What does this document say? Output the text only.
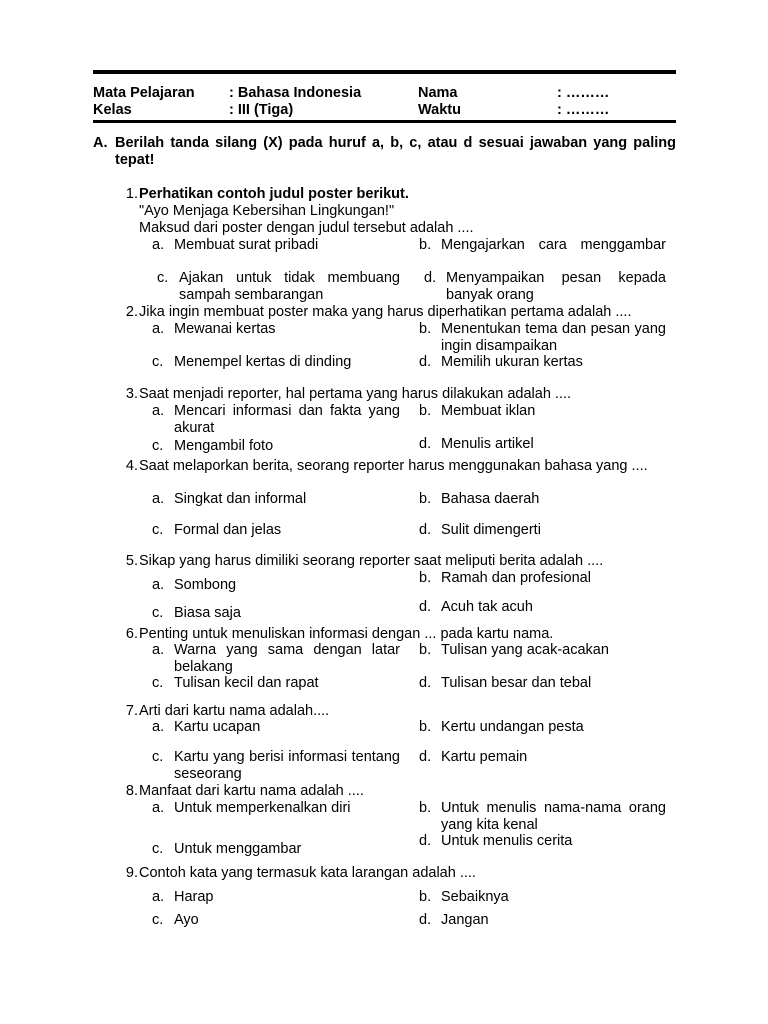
Mata Pelajaran	: Bahasa Indonesia	Nama	: ………
Kelas	: III (Tiga)	Waktu	: ………
A. Berilah tanda silang (X) pada huruf a, b, c, atau d sesuai jawaban yang paling tepat!
1. Perhatikan contoh judul poster berikut.
"Ayo Menjaga Kebersihan Lingkungan!"
Maksud dari poster dengan judul tersebut adalah ....
a. Membuat surat pribadi	b. Mengajarkan cara menggambar
c. Ajakan untuk tidak membuang sampah sembarangan
d. Menyampaikan pesan kepada banyak orang
2. Jika ingin membuat poster maka yang harus diperhatikan pertama adalah ....
a. Mewanai kertas	b. Menentukan tema dan pesan yang ingin disampaikan
c. Menempel kertas di dinding	d. Memilih ukuran kertas
3. Saat menjadi reporter, hal pertama yang harus dilakukan adalah ....
a. Mencari informasi dan fakta yang akurat
b. Membuat iklan
c. Mengambil foto	d. Menulis artikel
4. Saat melaporkan berita, seorang reporter harus menggunakan bahasa yang ....
a. Singkat dan informal	b. Bahasa daerah
c. Formal dan jelas	d. Sulit dimengerti
5. Sikap yang harus dimiliki seorang reporter saat meliputi berita adalah ....
a. Sombong	b. Ramah dan profesional
c. Biasa saja	d. Acuh tak acuh
6. Penting untuk menuliskan informasi dengan ... pada kartu nama.
a. Warna yang sama dengan latar belakang
b. Tulisan yang acak-acakan
c. Tulisan kecil dan rapat	d. Tulisan besar dan tebal
7. Arti dari kartu nama adalah....
a. Kartu ucapan	b. Kertu undangan pesta
c. Kartu yang berisi informasi tentang seseorang
d. Kartu pemain
8. Manfaat dari kartu nama adalah ....
a. Untuk memperkenalkan diri	b. Untuk menulis nama-nama orang yang kita kenal
c. Untuk menggambar	d. Untuk menulis cerita
9. Contoh kata yang termasuk kata larangan adalah ....
a. Harap	b. Sebaiknya
c. Ayo	d. Jangan
